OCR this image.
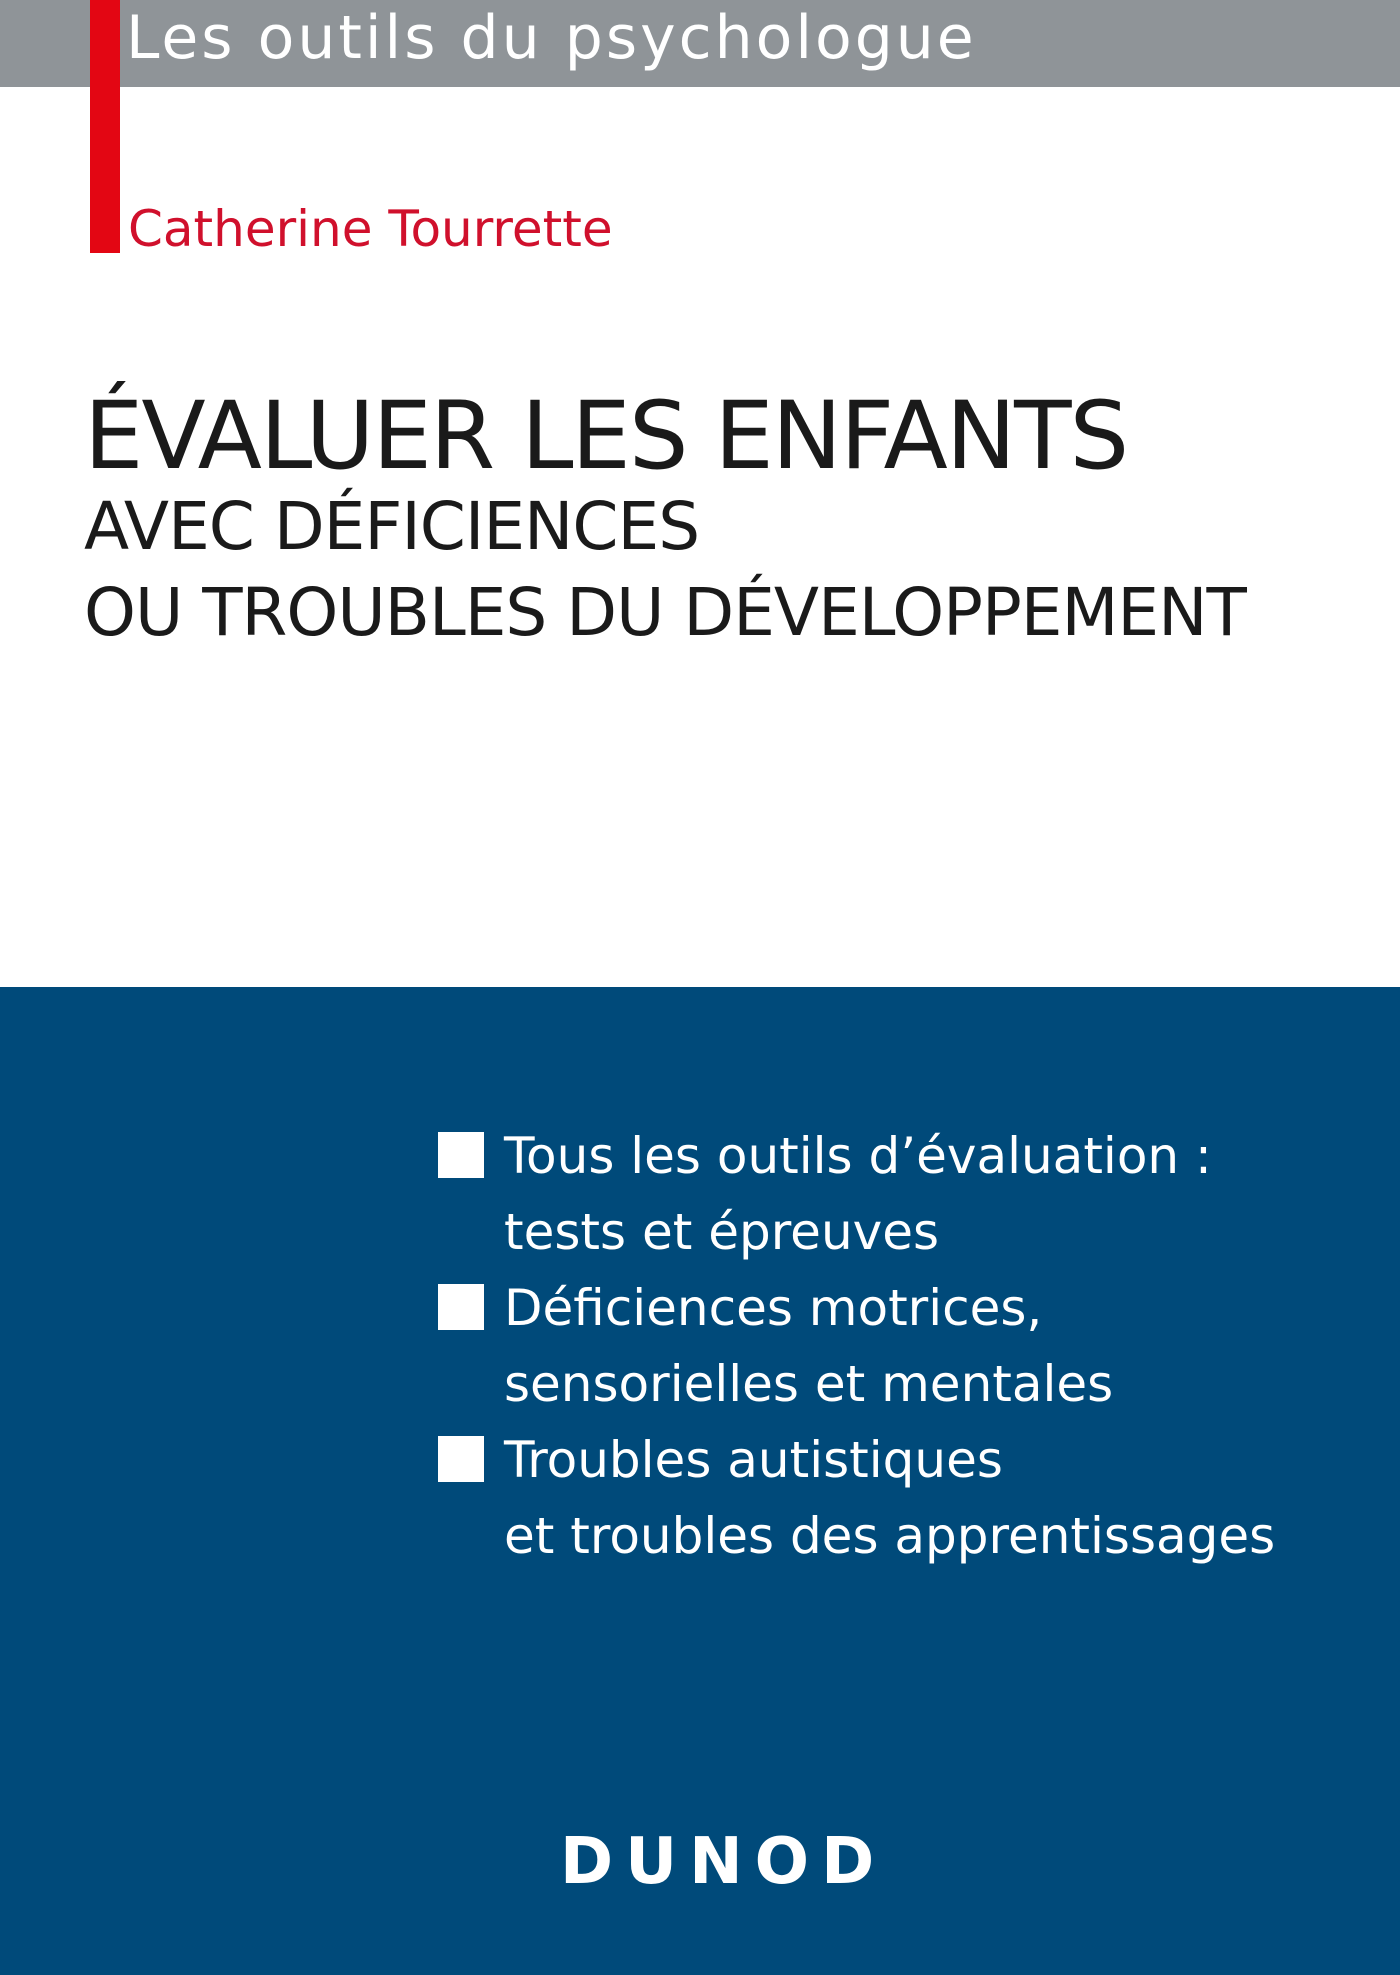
Les outils du psychologue
Catherine Tourrette
ÉVALUER LES ENFANTS
AVEC DÉFICIENCES
OU TROUBLES DU DÉVELOPPEMENT
Tous les outils d’évaluation :
tests et épreuves
Déficiences motrices,
sensorielles et mentales
Troubles autistiques
et troubles des apprentissages
DUNOD
